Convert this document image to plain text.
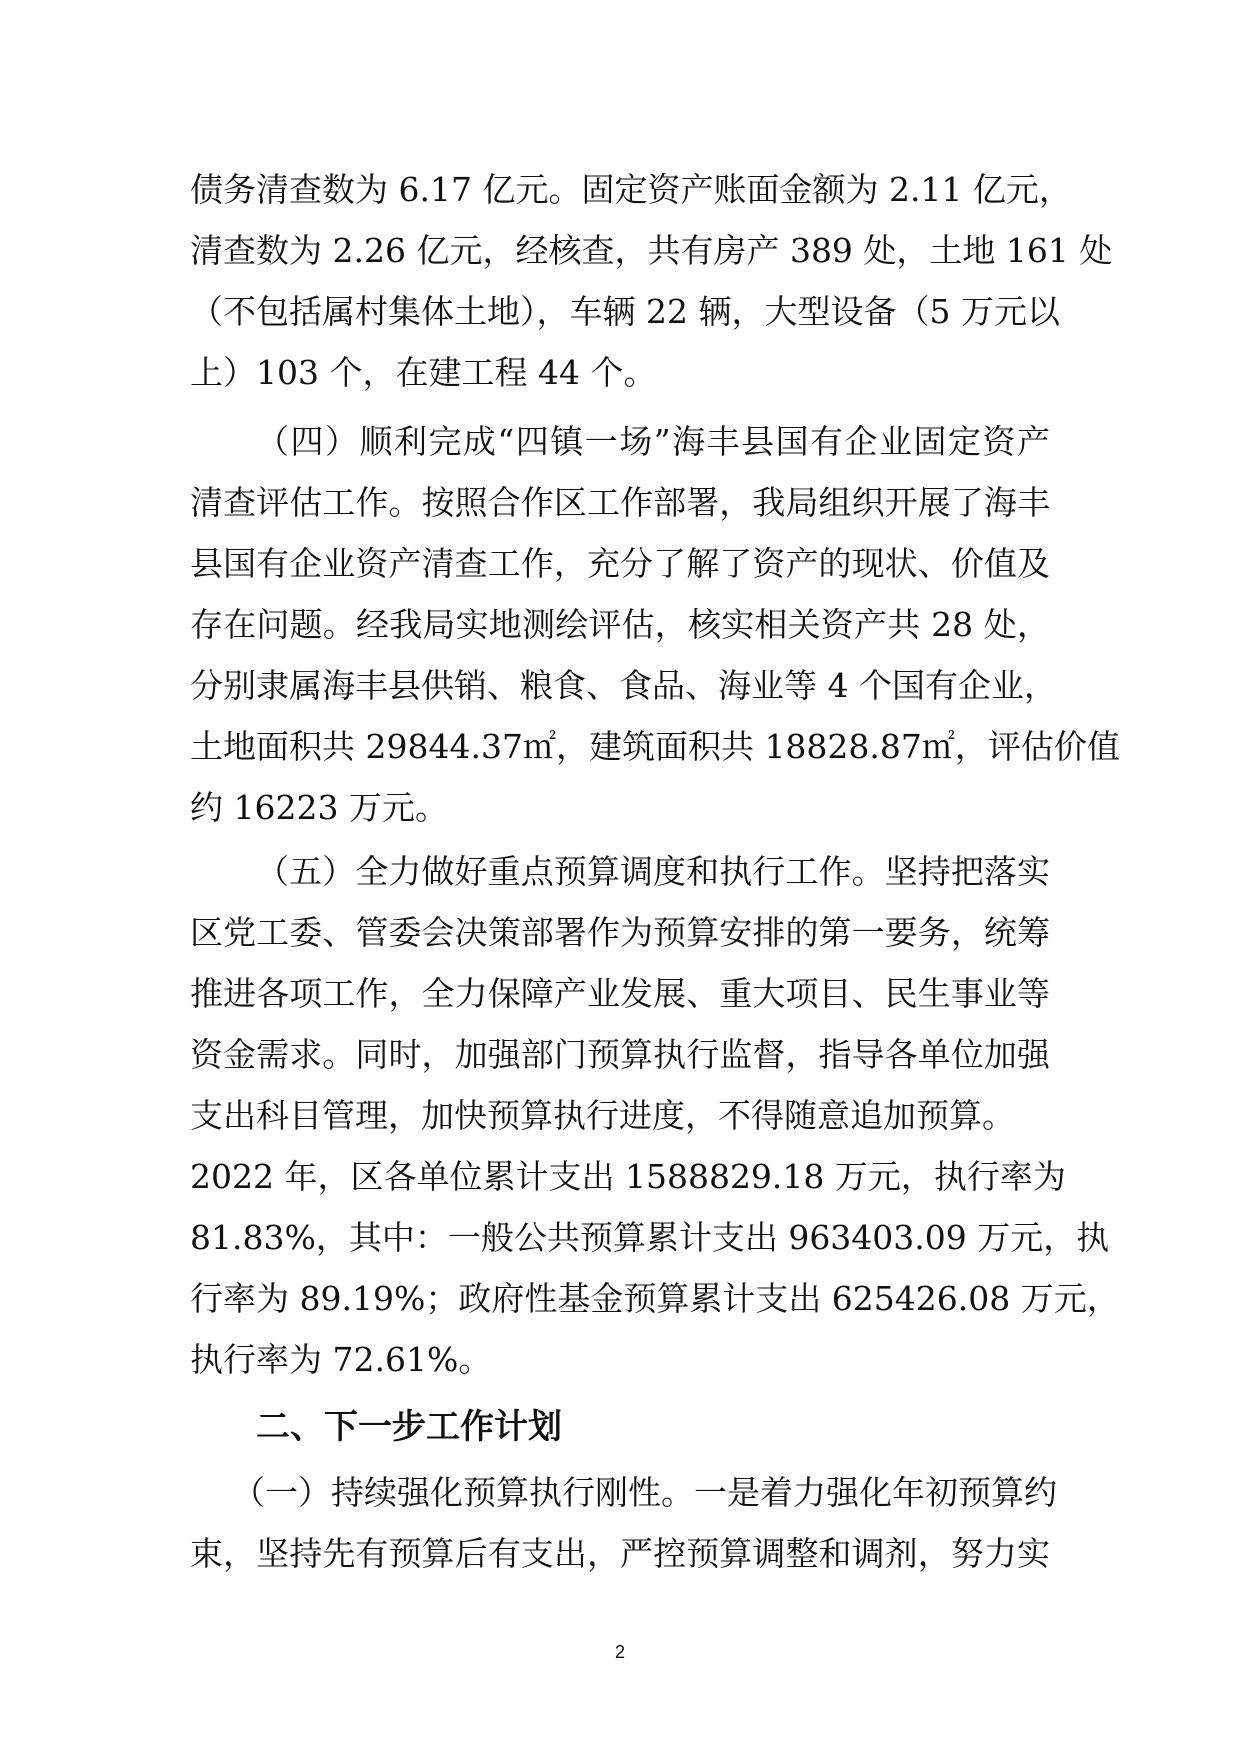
债务清查数为 6.17 亿元。固定资产账面金额为 2.11 亿元，
清查数为 2.26 亿元，经核查，共有房产 389 处，土地 161 处
（不包括属村集体土地），车辆 22 辆，大型设备（5 万元以
上）103 个，在建工程 44 个。
（四）顺利完成“四镇一场”海丰县国有企业固定资产
清查评估工作。按照合作区工作部署，我局组织开展了海丰
县国有企业资产清查工作，充分了解了资产的现状、价值及
存在问题。经我局实地测绘评估，核实相关资产共 28 处，
分别隶属海丰县供销、粮食、食品、海业等 4 个国有企业，
土地面积共 29844.37㎡，建筑面积共 18828.87㎡，评估价值
约 16223 万元。
（五）全力做好重点预算调度和执行工作。坚持把落实
区党工委、管委会决策部署作为预算安排的第一要务，统筹
推进各项工作，全力保障产业发展、重大项目、民生事业等
资金需求。同时，加强部门预算执行监督，指导各单位加强
支出科目管理，加快预算执行进度，不得随意追加预算。
2022 年，区各单位累计支出 1588829.18 万元，执行率为
81.83%，其中：一般公共预算累计支出 963403.09 万元，执
行率为 89.19%；政府性基金预算累计支出 625426.08 万元，
执行率为 72.61%。
二、下一步工作计划
（一）持续强化预算执行刚性。一是着力强化年初预算约
束，坚持先有预算后有支出，严控预算调整和调剂，努力实
2
